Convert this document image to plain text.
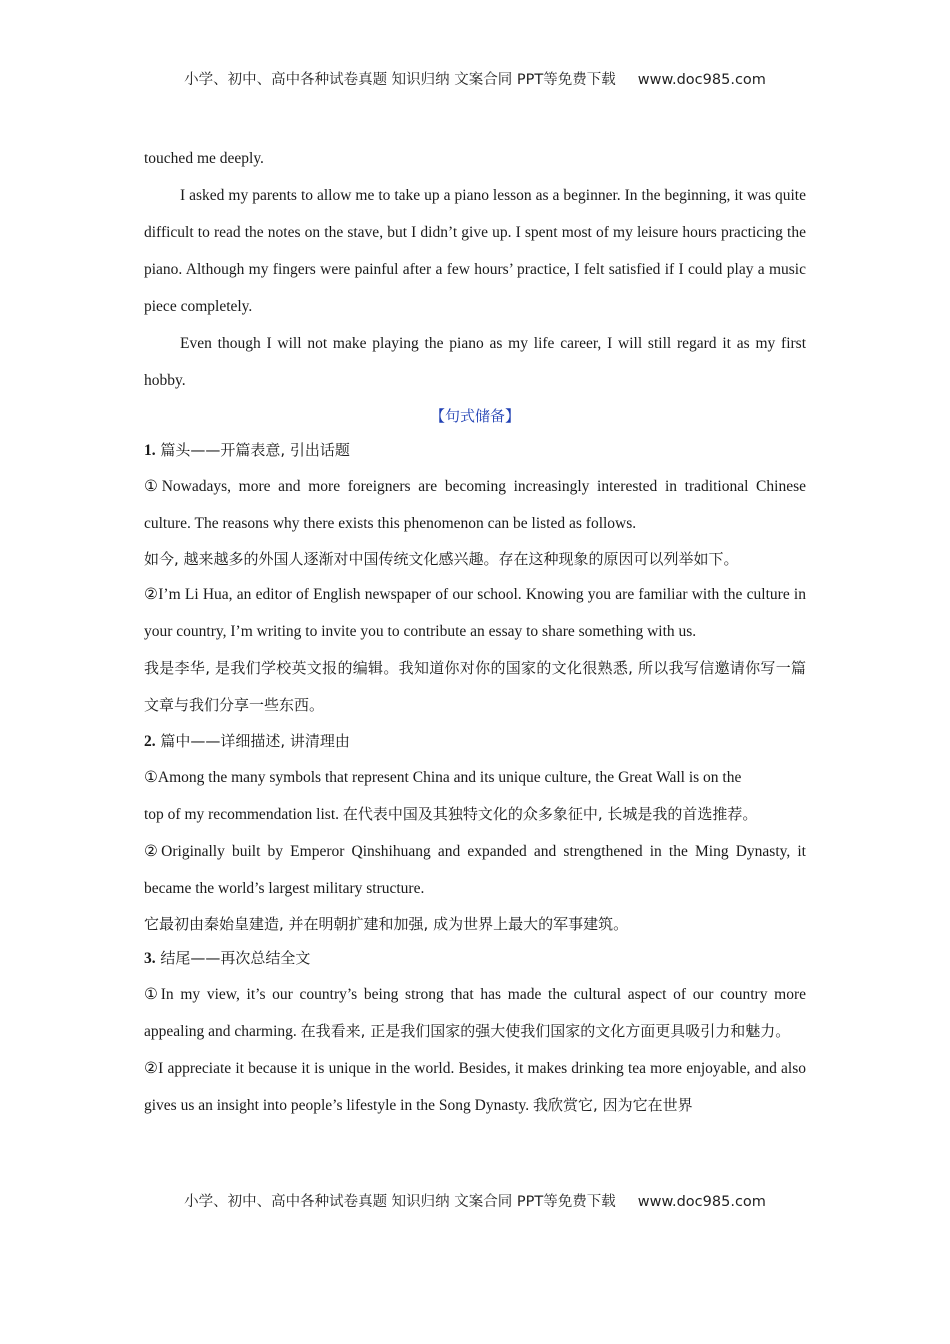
小学、初中、高中各种试卷真题 知识归纳 文案合同 PPT等免费下载 www.doc985.com

touched me deeply.

I asked my parents to allow me to take up a piano lesson as a beginner. In the beginning, it was quite difficult to read the notes on the stave, but I didn’t give up. I spent most of my leisure hours practicing the piano. Although my fingers were painful after a few hours’ practice, I felt satisfied if I could play a music piece completely.

Even though I will not make playing the piano as my life career, I will still regard it as my first hobby.

【句式储备】

1. 篇头——开篇表意, 引出话题

①Nowadays, more and more foreigners are becoming increasingly interested in traditional Chinese culture. The reasons why there exists this phenomenon can be listed as follows.

如今, 越来越多的外国人逐渐对中国传统文化感兴趣。存在这种现象的原因可以列举如下。

②I’m Li Hua, an editor of English newspaper of our school. Knowing you are familiar with the culture in your country, I’m writing to invite you to contribute an essay to share something with us.

我是李华, 是我们学校英文报的编辑。我知道你对你的国家的文化很熟悉, 所以我写信邀请你写一篇文章与我们分享一些东西。

2. 篇中——详细描述, 讲清理由

①Among the many symbols that represent China and its unique culture, the Great Wall is on the

top of my recommendation list. 在代表中国及其独特文化的众多象征中, 长城是我的首选推荐。

②Originally built by Emperor Qinshihuang and expanded and strengthened in the Ming Dynasty, it became the world’s largest military structure.

它最初由秦始皇建造, 并在明朝扩建和加强, 成为世界上最大的军事建筑。

3. 结尾——再次总结全文

①In my view, it’s our country’s being strong that has made the cultural aspect of our country more appealing and charming. 在我看来, 正是我们国家的强大使我们国家的文化方面更具吸引力和魅力。

②I appreciate it because it is unique in the world. Besides, it makes drinking tea more enjoyable, and also gives us an insight into people’s lifestyle in the Song Dynasty. 我欣赏它, 因为它在世界

小学、初中、高中各种试卷真题 知识归纳 文案合同 PPT等免费下载 www.doc985.com
